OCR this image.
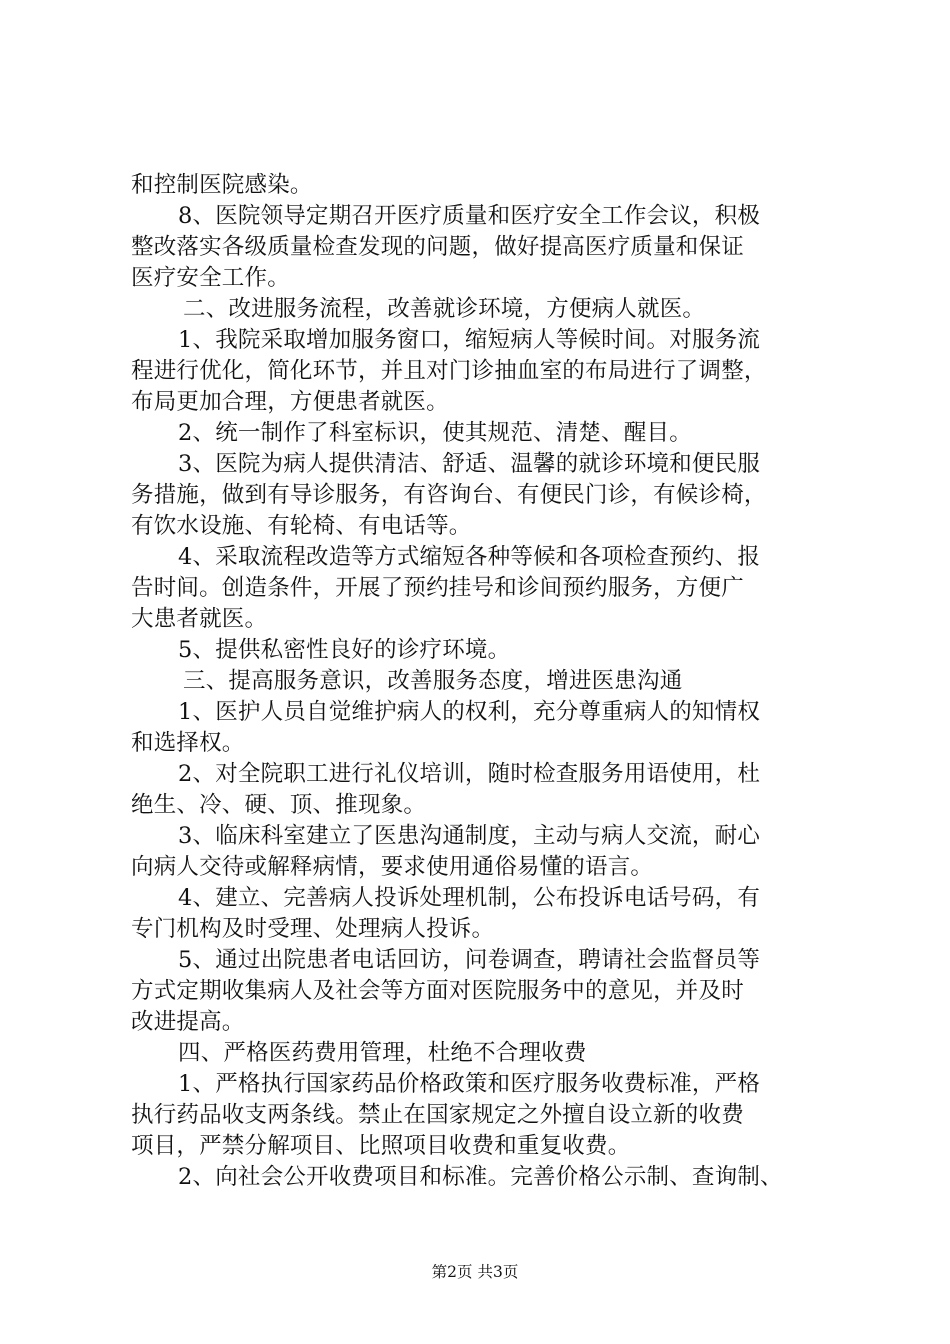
和控制医院感染。
8、医院领导定期召开医疗质量和医疗安全工作会议，积极
整改落实各级质量检查发现的问题，做好提高医疗质量和保证
医疗安全工作。
二、改进服务流程，改善就诊环境，方便病人就医。
1、我院采取增加服务窗口，缩短病人等候时间。对服务流
程进行优化，简化环节，并且对门诊抽血室的布局进行了调整，
布局更加合理，方便患者就医。
2、统一制作了科室标识，使其规范、清楚、醒目。
3、医院为病人提供清洁、舒适、温馨的就诊环境和便民服
务措施，做到有导诊服务，有咨询台、有便民门诊，有候诊椅，
有饮水设施、有轮椅、有电话等。
4、采取流程改造等方式缩短各种等候和各项检查预约、报
告时间。创造条件，开展了预约挂号和诊间预约服务，方便广
大患者就医。
5、提供私密性良好的诊疗环境。
三、提高服务意识，改善服务态度，增进医患沟通
1、医护人员自觉维护病人的权利，充分尊重病人的知情权
和选择权。
2、对全院职工进行礼仪培训，随时检查服务用语使用，杜
绝生、冷、硬、顶、推现象。
3、临床科室建立了医患沟通制度，主动与病人交流，耐心
向病人交待或解释病情，要求使用通俗易懂的语言。
4、建立、完善病人投诉处理机制，公布投诉电话号码，有
专门机构及时受理、处理病人投诉。
5、通过出院患者电话回访，问卷调查，聘请社会监督员等
方式定期收集病人及社会等方面对医院服务中的意见，并及时
改进提高。
四、严格医药费用管理，杜绝不合理收费
1、严格执行国家药品价格政策和医疗服务收费标准，严格
执行药品收支两条线。禁止在国家规定之外擅自设立新的收费
项目，严禁分解项目、比照项目收费和重复收费。
2、向社会公开收费项目和标准。完善价格公示制、查询制、
第2页 共3页
